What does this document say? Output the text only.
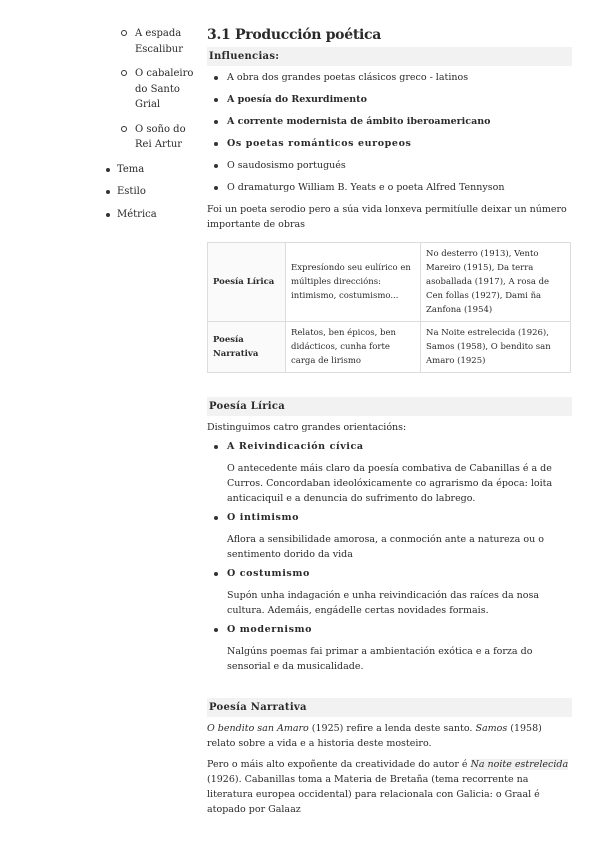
A espada Escalibur
O cabaleiro do Santo Grial
O soño do Rei Artur
Tema
Estilo
Métrica
3.1 Producción poética
Influencias:
A obra dos grandes poetas clásicos greco - latinos
A poesía do Rexurdimento
A corrente modernista de ámbito iberoamericano
Os poetas románticos europeos
O saudosismo portugués
O dramaturgo William B. Yeats e o poeta Alfred Tennyson

Foi un poeta serodio pero a súa vida lonxeva permitíulle deixar un número importante de obras

Poesía Lírica	Expresíondo seu eulírico en múltiples direccións: intimismo, costumismo...	No desterro (1913), Vento Mareiro (1915), Da terra asoballada (1917), A rosa de Cen follas (1927), Dami ña Zanfona (1954)
Poesía Narrativa	Relatos, ben épicos, ben didácticos, cunha forte carga de lirismo	Na Noite estrelecida (1926), Samos (1958), O bendito san Amaro (1925)
Poesía Lírica

Distinguimos catro grandes orientacións:

A Reivindicación cívica

O antecedente máis claro da poesía combativa de Cabanillas é a de Curros. Concordaban ideolóxicamente co agrarismo da época: loita anticaciquil e a denuncia do sufrimento do labrego.

O intimismo

Aflora a sensibilidade amorosa, a conmoción ante a natureza ou o sentimento dorido da vida

O costumismo

Supón unha indagación e unha reivindicación das raíces da nosa cultura. Ademáis, engádelle certas novidades formais.

O modernismo

Nalgúns poemas fai primar a ambientación exótica e a forza do sensorial e da musicalidade.

Poesía Narrativa

O bendito san Amaro (1925) refire a lenda deste santo. Samos (1958) relato sobre a vida e a historia deste mosteiro.

Pero o máis alto expoñente da creatividade do autor é Na noite estrelecida (1926). Cabanillas toma a Materia de Bretaña (tema recorrente na literatura europea occidental) para relacionala con Galicia: o Graal é atopado por Galaaz
